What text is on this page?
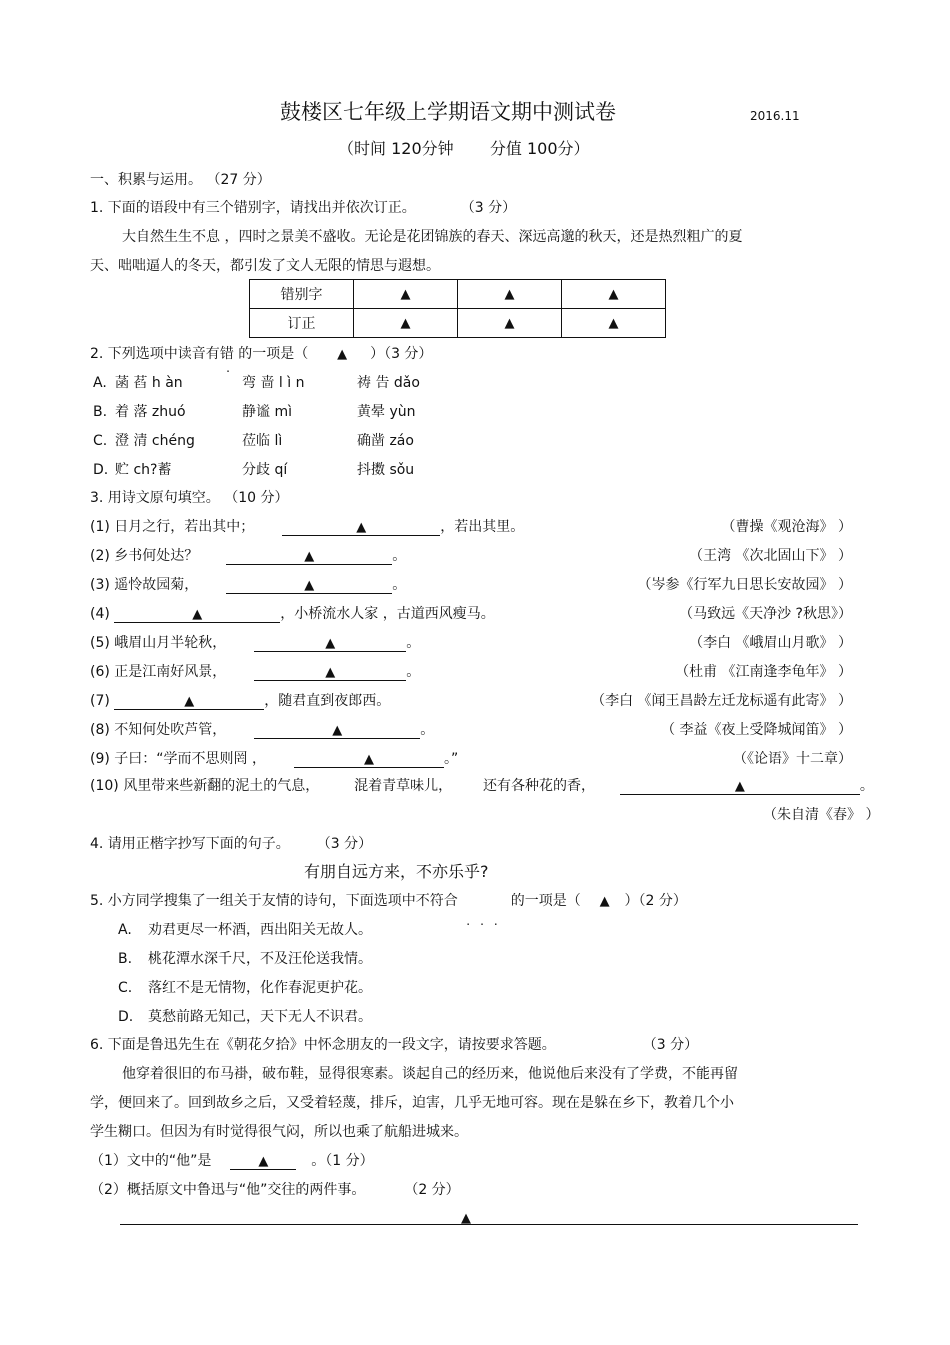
鼓楼区七年级上学期语文期中测试卷	2016.11
（时间 120分钟 分值 100分）
一、积累与运用。 （27 分）
1. 下面的语段中有三个错别字，请找出并依次订正。	（3 分）
大自然生生不息 ，四时之景美不盛收。无论是花团锦族的春天、深远高邈的秋天，还是热烈粗广的夏
天、咄咄逼人的冬天，都引发了文人无限的情思与遐想。
错别字	▲	▲	▲
订正	▲	▲	▲
2. 下列选项中读音有错 的一项是（ ▲ ）（3 分）
A. 菡 萏 h àn	弯 啬 l ì n	祷 告 dǎo
B. 着 落 zhuó	静谧 mì	黄晕 yùn
C. 澄 清 chéng	莅临 lì	确凿 záo
D. 贮 ch?蓄	分歧 qí	抖擞 sǒu
3. 用诗文原句填空。 （10 分）
(1) 日月之行，若出其中；	▲	，若出其里。	（曹操《观沧海》 ）
(2) 乡书何处达？	▲	。	（王湾 《次北固山下》 ）
(3) 遥怜故园菊，	▲	。	（岑参《行军九日思长安故园》 ）
(4)	▲	，小桥流水人家 ，古道西风瘦马。	（马致远《天净沙 ?秋思》）
(5) 峨眉山月半轮秋，	▲	。	（李白 《峨眉山月歌》 ）
(6) 正是江南好风景，	▲	。	（杜甫 《江南逢李龟年》 ）
(7)	▲	，随君直到夜郎西。	（李白 《闻王昌龄左迁龙标遥有此寄》 ）
(8) 不知何处吹芦管，	▲	。	（ 李益《夜上受降城闻笛》 ）
(9) 子曰：“学而不思则罔 ，	▲	。”	（《论语》十二章）
(10) 风里带来些新翻的泥土的气息， 混着青草味儿， 还有各种花的香，	▲	。
（朱自清《春》 ）
4. 请用正楷字抄写下面的句子。 （3 分）
有朋自远方来，不亦乐乎?
5. 小方同学搜集了一组关于友情的诗句，下面选项中不符合
...
的一项是（ ▲ ）（2 分）
A. 劝君更尽一杯酒，西出阳关无故人。
B. 桃花潭水深千尺，不及汪伦送我情。
C. 落红不是无情物，化作春泥更护花。
D. 莫愁前路无知己，天下无人不识君。
6. 下面是鲁迅先生在《朝花夕拾》中怀念朋友的一段文字，请按要求答题。	（3 分）
他穿着很旧的布马褂，破布鞋，显得很寒素。谈起自己的经历来，他说他后来没有了学费，不能再留
学，便回来了。回到故乡之后，又受着轻蔑，排斥，迫害，几乎无地可容。现在是躲在乡下，教着几个小
学生糊口。但因为有时觉得很气闷，所以也乘了航船进城来。
（1）文中的“他”是	▲	。（1 分）
（2）概括原文中鲁迅与“他”交往的两件事。	（2 分）
▲
